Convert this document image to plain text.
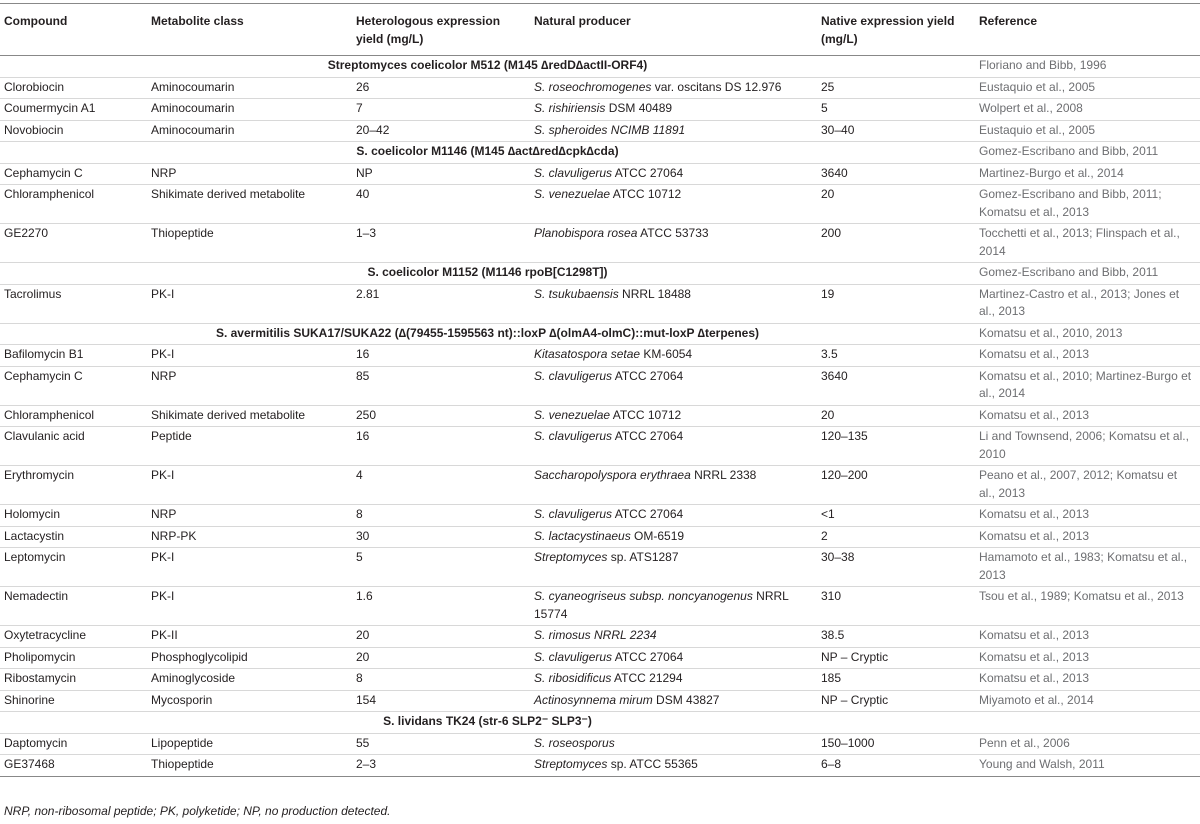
Compound	Metabolite class	Heterologous expression yield (mg/L)	Natural producer	Native expression yield (mg/L)	Reference
Streptomyces coelicolor M512 (M145 ∆redD∆actII-ORF4)					Floriano and Bibb, 1996
Clorobiocin	Aminocoumarin	26	S. roseochromogenes var. oscitans DS 12.976	25	Eustaquio et al., 2005
Coumermycin A1	Aminocoumarin	7	S. rishiriensis DSM 40489	5	Wolpert et al., 2008
Novobiocin	Aminocoumarin	20–42	S. spheroides NCIMB 11891	30–40	Eustaquio et al., 2005
S. coelicolor M1146 (M145 ∆act∆red∆cpk∆cda)					Gomez-Escribano and Bibb, 2011
Cephamycin C	NRP	NP	S. clavuligerus ATCC 27064	3640	Martinez-Burgo et al., 2014
Chloramphenicol	Shikimate derived metabolite	40	S. venezuelae ATCC 10712	20	Gomez-Escribano and Bibb, 2011; Komatsu et al., 2013
GE2270	Thiopeptide	1–3	Planobispora rosea ATCC 53733	200	Tocchetti et al., 2013; Flinspach et al., 2014
S. coelicolor M1152 (M1146 rpoB[C1298T])					Gomez-Escribano and Bibb, 2011
Tacrolimus	PK-I	2.81	S. tsukubaensis NRRL 18488	19	Martinez-Castro et al., 2013; Jones et al., 2013
S. avermitilis SUKA17/SUKA22 (∆(79455-1595563 nt)::loxP ∆(olmA4-olmC)::mut-loxP ∆terpenes)					Komatsu et al., 2010, 2013
Bafilomycin B1	PK-I	16	Kitasatospora setae KM-6054	3.5	Komatsu et al., 2013
Cephamycin C	NRP	85	S. clavuligerus ATCC 27064	3640	Komatsu et al., 2010; Martinez-Burgo et al., 2014
Chloramphenicol	Shikimate derived metabolite	250	S. venezuelae ATCC 10712	20	Komatsu et al., 2013
Clavulanic acid	Peptide	16	S. clavuligerus ATCC 27064	120–135	Li and Townsend, 2006; Komatsu et al., 2010
Erythromycin	PK-I	4	Saccharopolyspora erythraea NRRL 2338	120–200	Peano et al., 2007, 2012; Komatsu et al., 2013
Holomycin	NRP	8	S. clavuligerus ATCC 27064	<1	Komatsu et al., 2013
Lactacystin	NRP-PK	30	S. lactacystinaeus OM-6519	2	Komatsu et al., 2013
Leptomycin	PK-I	5	Streptomyces sp. ATS1287	30–38	Hamamoto et al., 1983; Komatsu et al., 2013
Nemadectin	PK-I	1.6	S. cyaneogriseus subsp. noncyanogenus NRRL 15774	310	Tsou et al., 1989; Komatsu et al., 2013
Oxytetracycline	PK-II	20	S. rimosus NRRL 2234	38.5	Komatsu et al., 2013
Pholipomycin	Phosphoglycolipid	20	S. clavuligerus ATCC 27064	NP – Cryptic	Komatsu et al., 2013
Ribostamycin	Aminoglycoside	8	S. ribosidificus ATCC 21294	185	Komatsu et al., 2013
Shinorine	Mycosporin	154	Actinosynnema mirum DSM 43827	NP – Cryptic	Miyamoto et al., 2014
S. lividans TK24 (str-6 SLP2⁻ SLP3⁻)					
Daptomycin	Lipopeptide	55	S. roseosporus	150–1000	Penn et al., 2006
GE37468	Thiopeptide	2–3	Streptomyces sp. ATCC 55365	6–8	Young and Walsh, 2011
NRP, non-ribosomal peptide; PK, polyketide; NP, no production detected.
